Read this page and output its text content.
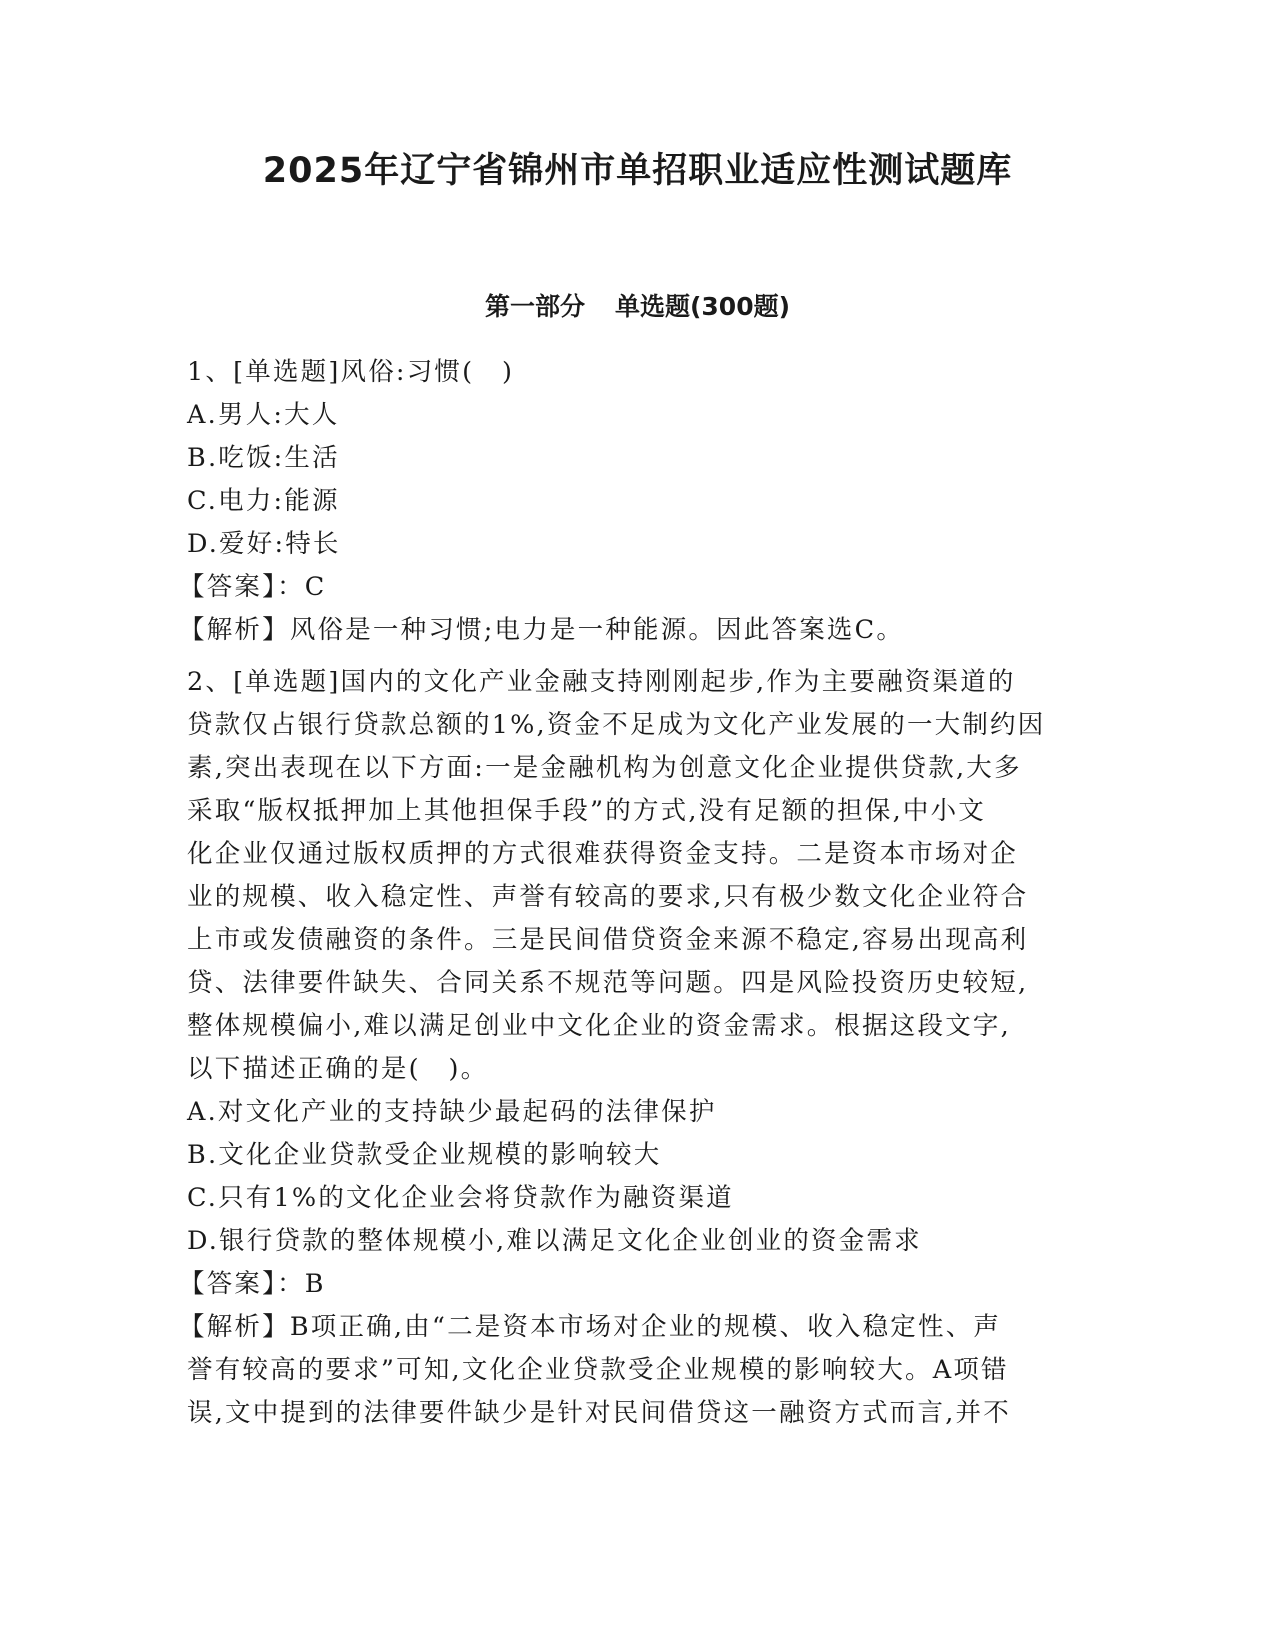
2025年辽宁省锦州市单招职业适应性测试题库
第一部分 单选题(300题)
1、[单选题]风俗:习惯(　)
A.男人:大人
B.吃饭:生活
C.电力:能源
D.爱好:特长
【答案】：C
【解析】风俗是一种习惯;电力是一种能源。因此答案选C。
2、[单选题]国内的文化产业金融支持刚刚起步,作为主要融资渠道的
贷款仅占银行贷款总额的1%,资金不足成为文化产业发展的一大制约因
素,突出表现在以下方面:一是金融机构为创意文化企业提供贷款,大多
采取“版权抵押加上其他担保手段”的方式,没有足额的担保,中小文
化企业仅通过版权质押的方式很难获得资金支持。二是资本市场对企
业的规模、收入稳定性、声誉有较高的要求,只有极少数文化企业符合
上市或发债融资的条件。三是民间借贷资金来源不稳定,容易出现高利
贷、法律要件缺失、合同关系不规范等问题。四是风险投资历史较短,
整体规模偏小,难以满足创业中文化企业的资金需求。根据这段文字,
以下描述正确的是(　)。
A.对文化产业的支持缺少最起码的法律保护
B.文化企业贷款受企业规模的影响较大
C.只有1%的文化企业会将贷款作为融资渠道
D.银行贷款的整体规模小,难以满足文化企业创业的资金需求
【答案】：B
【解析】B项正确,由“二是资本市场对企业的规模、收入稳定性、声
誉有较高的要求”可知,文化企业贷款受企业规模的影响较大。A项错
误,文中提到的法律要件缺少是针对民间借贷这一融资方式而言,并不
